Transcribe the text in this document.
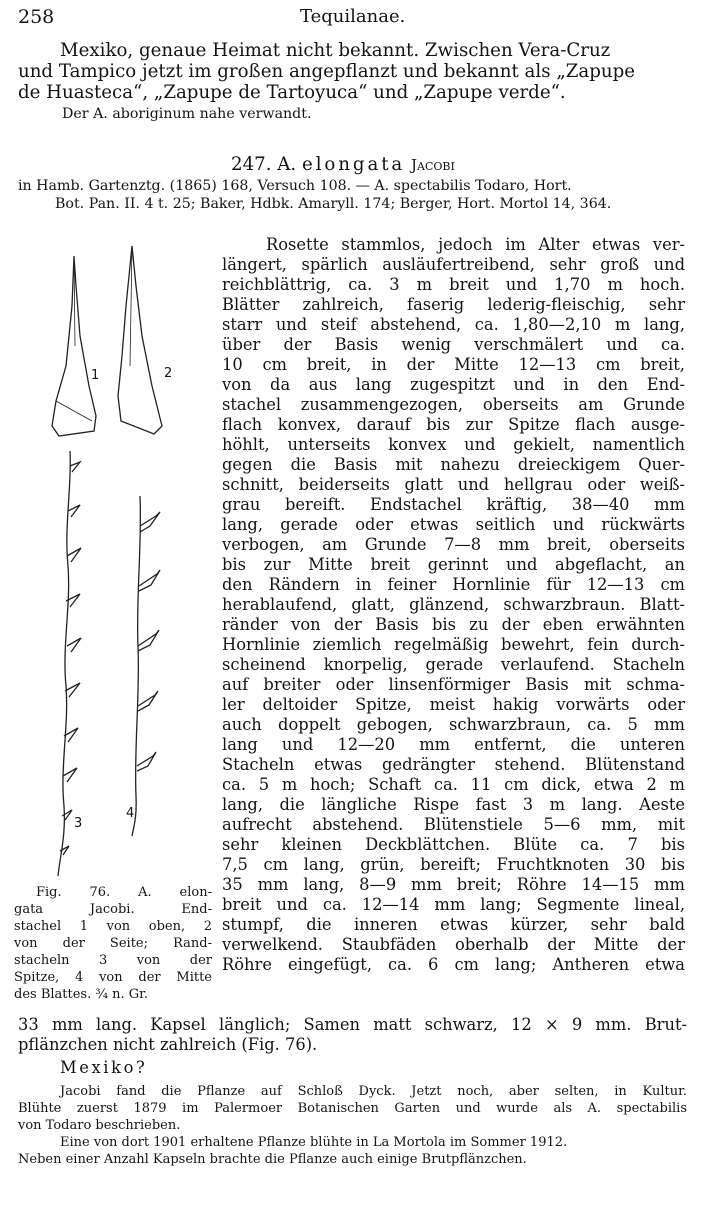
258	Tequilanae.
Mexiko, genaue Heimat nicht bekannt. Zwischen Vera-Cruz
und Tampico jetzt im großen angepflanzt und bekannt als „Zapupe
de Huasteca“, „Zapupe de Tartoyuca“ und „Zapupe verde“.
Der A. aboriginum nahe verwandt.
247. A. elongata Jacobi
in Hamb. Gartenztg. (1865) 168, Versuch 108. — A. spectabilis Todaro, Hort.
Bot. Pan. II. 4 t. 25; Baker, Hdbk. Amaryll. 174; Berger, Hort. Mortol 14, 364.
1	2
3
4
Fig. 76. A. elon-
gata Jacobi. End-
stachel 1 von oben, 2
von der Seite; Rand-
stacheln 3 von der
Spitze, 4 von der Mitte
des Blattes. ¾ n. Gr.
Rosette stammlos, jedoch im Alter etwas ver-
längert, spärlich ausläufertreibend, sehr groß und
reichblättrig, ca. 3 m breit und 1,70 m hoch.
Blätter zahlreich, faserig lederig-fleischig, sehr
starr und steif abstehend, ca. 1,80—2,10 m lang,
über der Basis wenig verschmälert und ca.
10 cm breit, in der Mitte 12—13 cm breit,
von da aus lang zugespitzt und in den End-
stachel zusammengezogen, oberseits am Grunde
flach konvex, darauf bis zur Spitze flach ausge-
höhlt, unterseits konvex und gekielt, namentlich
gegen die Basis mit nahezu dreieckigem Quer-
schnitt, beiderseits glatt und hellgrau oder weiß-
grau bereift. Endstachel kräftig, 38—40 mm
lang, gerade oder etwas seitlich und rückwärts
verbogen, am Grunde 7—8 mm breit, oberseits
bis zur Mitte breit gerinnt und abgeflacht, an
den Rändern in feiner Hornlinie für 12—13 cm
herablaufend, glatt, glänzend, schwarzbraun. Blatt-
ränder von der Basis bis zu der eben erwähnten
Hornlinie ziemlich regelmäßig bewehrt, fein durch-
scheinend knorpelig, gerade verlaufend. Stacheln
auf breiter oder linsenförmiger Basis mit schma-
ler deltoider Spitze, meist hakig vorwärts oder
auch doppelt gebogen, schwarzbraun, ca. 5 mm
lang und 12—20 mm entfernt, die unteren
Stacheln etwas gedrängter stehend. Blütenstand
ca. 5 m hoch; Schaft ca. 11 cm dick, etwa 2 m
lang, die längliche Rispe fast 3 m lang. Aeste
aufrecht abstehend. Blütenstiele 5—6 mm, mit
sehr kleinen Deckblättchen. Blüte ca. 7 bis
7,5 cm lang, grün, bereift; Fruchtknoten 30 bis
35 mm lang, 8—9 mm breit; Röhre 14—15 mm
breit und ca. 12—14 mm lang; Segmente lineal,
stumpf, die inneren etwas kürzer, sehr bald
verwelkend. Staubfäden oberhalb der Mitte der
Röhre eingefügt, ca. 6 cm lang; Antheren etwa
33 mm lang. Kapsel länglich; Samen matt schwarz, 12 × 9 mm. Brut-
pflänzchen nicht zahlreich (Fig. 76).
Mexiko?
Jacobi fand die Pflanze auf Schloß Dyck. Jetzt noch, aber selten, in Kultur.
Blühte zuerst 1879 im Palermoer Botanischen Garten und wurde als A. spectabilis
von Todaro beschrieben.
Eine von dort 1901 erhaltene Pflanze blühte in La Mortola im Sommer 1912.
Neben einer Anzahl Kapseln brachte die Pflanze auch einige Brutpflänzchen.
